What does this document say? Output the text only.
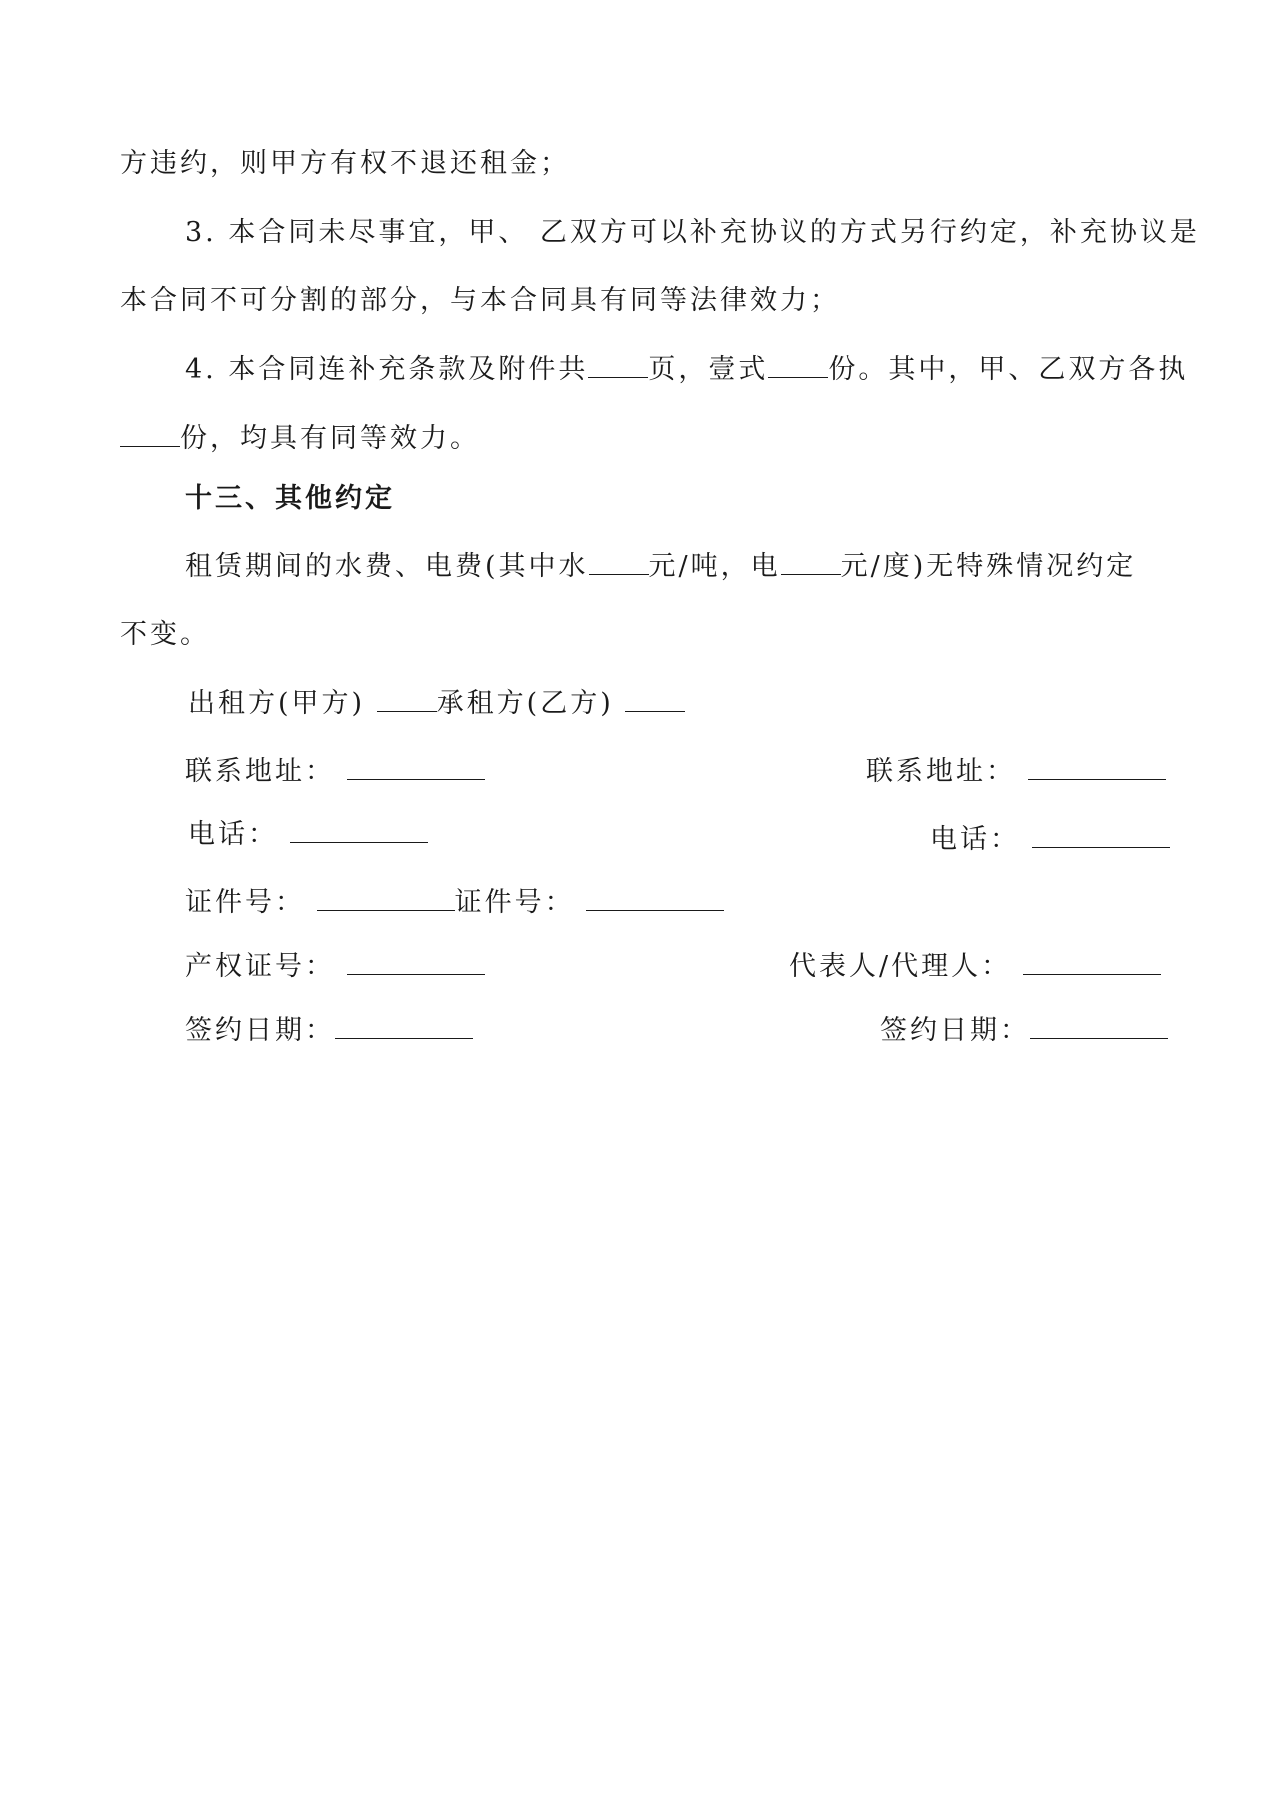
方违约，则甲方有权不退还租金；
3. 本合同未尽事宜，甲、 乙双方可以补充协议的方式另行约定，补充协议是
本合同不可分割的部分，与本合同具有同等法律效力；
4. 本合同连补充条款及附件共 页，壹式 份。其中，甲、乙双方各执
份，均具有同等效力。
十三、其他约定
租赁期间的水费、电费(其中水 元/吨，电 元/度)无特殊情况约定
不变。
出租方(甲方)	承租方(乙方)
联系地址：	联系地址：
电话：	电话：
证件号：	证件号：
产权证号：	代表人/代理人：
签约日期：	签约日期：
